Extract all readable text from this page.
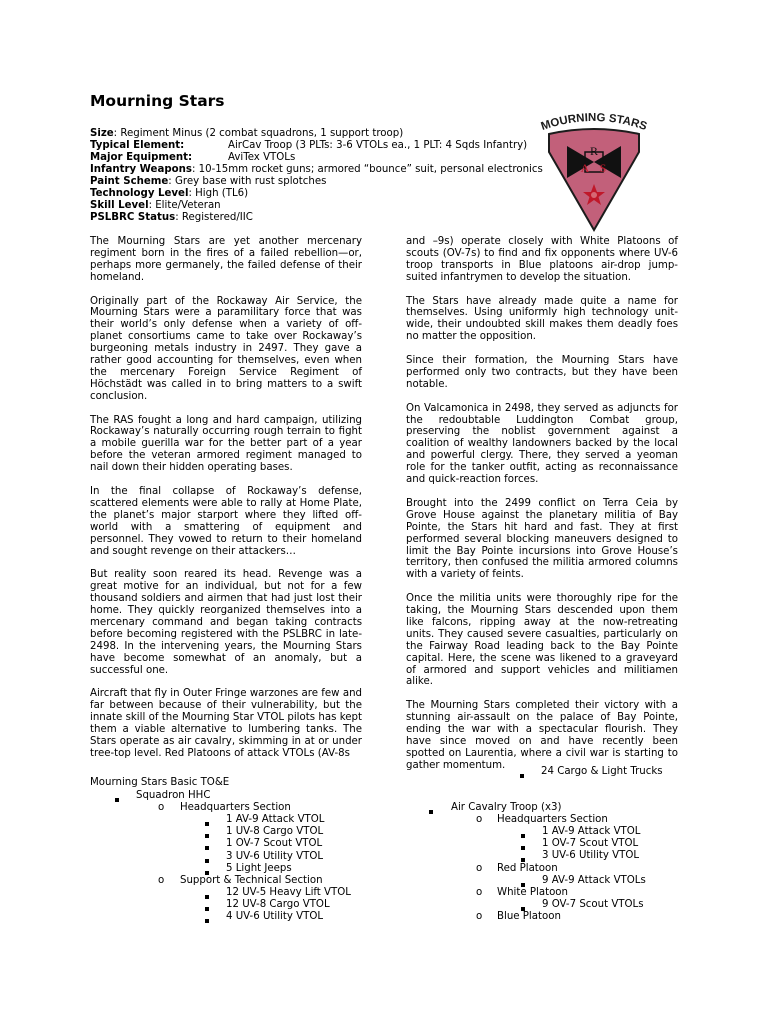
Mourning Stars
Size: Regiment Minus (2 combat squadrons, 1 support troop)
Typical Element:	AirCav Troop (3 PLTs: 3-6 VTOLs ea., 1 PLT: 4 Sqds Infantry)
Major Equipment:	AviTex VTOLs
Infantry Weapons: 10-15mm rocket guns; armored “bounce” suit, personal electronics
Paint Scheme: Grey base with rust splotches
Technology Level: High (TL6)
Skill Level: Elite/Veteran
PSLBRC Status: Registered/IIC
MOURNING STARS
R
A S

The Mourning Stars are yet another mercenary regiment born in the fires of a failed rebellion—or, perhaps more germanely, the failed defense of their homeland.

Originally part of the Rockaway Air Service, the Mourning Stars were a paramilitary force that was their world’s only defense when a variety of off-planet consortiums came to take over Rockaway’s burgeoning metals industry in 2497. They gave a rather good accounting for themselves, even when the mercenary Foreign Service Regiment of Höchstädt was called in to bring matters to a swift conclusion.

The RAS fought a long and hard campaign, utilizing Rockaway’s naturally occurring rough terrain to fight a mobile guerilla war for the better part of a year before the veteran armored regiment managed to nail down their hidden operating bases.

In the final collapse of Rockaway’s defense, scattered elements were able to rally at Home Plate, the planet’s major starport where they lifted off-world with a smattering of equipment and personnel. They vowed to return to their homeland and sought revenge on their attackers…

But reality soon reared its head. Revenge was a great motive for an individual, but not for a few thousand soldiers and airmen that had just lost their home. They quickly reorganized themselves into a mercenary command and began taking contracts before becoming registered with the PSLBRC in late-2498. In the intervening years, the Mourning Stars have become somewhat of an anomaly, but a successful one.

Aircraft that fly in Outer Fringe warzones are few and far between because of their vulnerability, but the innate skill of the Mourning Star VTOL pilots has kept them a viable alternative to lumbering tanks. The Stars operate as air cavalry, skimming in at or under tree-top level. Red Platoons of attack VTOLs (AV-8s

and –9s) operate closely with White Platoons of scouts (OV-7s) to find and fix opponents where UV-6 troop transports in Blue platoons air-drop jump-suited infantrymen to develop the situation.

The Stars have already made quite a name for themselves. Using uniformly high technology unit-wide, their undoubted skill makes them deadly foes no matter the opposition.

Since their formation, the Mourning Stars have performed only two contracts, but they have been notable.

On Valcamonica in 2498, they served as adjuncts for the redoubtable Luddington Combat group, preserving the noblist government against a coalition of wealthy landowners backed by the local and powerful clergy. There, they served a yeoman role for the tanker outfit, acting as reconnaissance and quick-reaction forces.

Brought into the 2499 conflict on Terra Ceia by Grove House against the planetary militia of Bay Pointe, the Stars hit hard and fast. They at first performed several blocking maneuvers designed to limit the Bay Pointe incursions into Grove House’s territory, then confused the militia armored columns with a variety of feints.

Once the militia units were thoroughly ripe for the taking, the Mourning Stars descended upon them like falcons, ripping away at the now-retreating units. They caused severe casualties, particularly on the Fairway Road leading back to the Bay Pointe capital. Here, the scene was likened to a graveyard of armored and support vehicles and militiamen alike.

The Mourning Stars completed their victory with a stunning air-assault on the palace of Bay Pointe, ending the war with a spectacular flourish. They have since moved on and have recently been spotted on Laurentia, where a civil war is starting to gather momentum.

Mourning Stars Basic TO&E
Squadron HHC
o Headquarters Section
1 AV-9 Attack VTOL
1 UV-8 Cargo VTOL
1 OV-7 Scout VTOL
3 UV-6 Utility VTOL
5 Light Jeeps
o Support & Technical Section
12 UV-5 Heavy Lift VTOL
12 UV-8 Cargo VTOL
4 UV-6 Utility VTOL
24 Cargo & Light Trucks
Air Cavalry Troop (x3)
o Headquarters Section
1 AV-9 Attack VTOL
1 OV-7 Scout VTOL
3 UV-6 Utility VTOL
o Red Platoon
9 AV-9 Attack VTOLs
o White Platoon
9 OV-7 Scout VTOLs
o Blue Platoon
